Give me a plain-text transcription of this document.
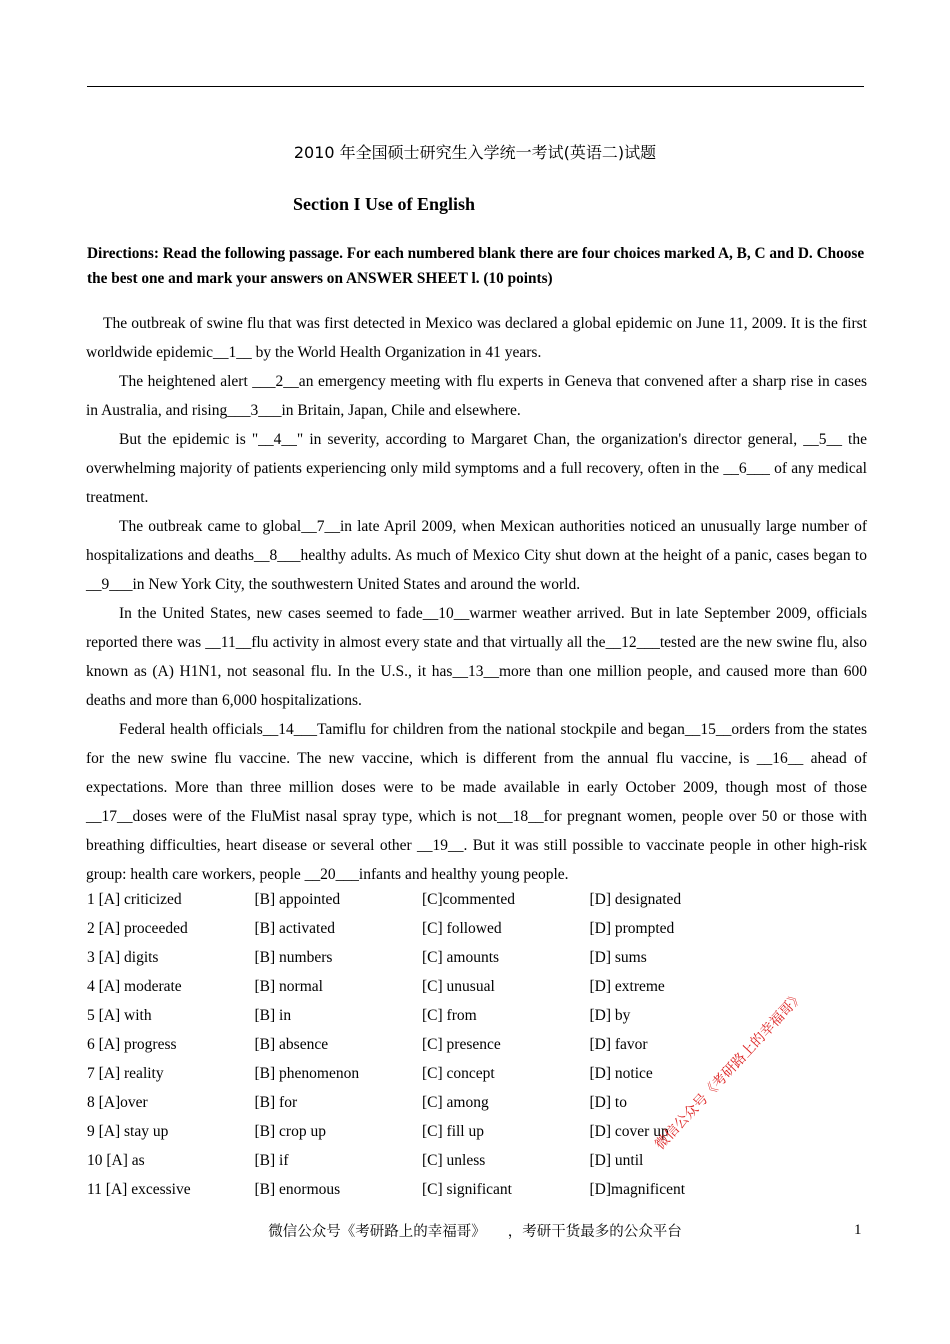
2010 年全国硕士研究生入学统一考试(英语二)试题
Section I Use of English
Directions: Read the following passage. For each numbered blank there are four choices marked A, B, C and D. Choose the best one and mark your answers on ANSWER SHEET l. (10 points)

The outbreak of swine flu that was first detected in Mexico was declared a global epidemic on June 11, 2009. It is the first worldwide epidemic__1__ by the World Health Organization in 41 years.

The heightened alert ___2__an emergency meeting with flu experts in Geneva that convened after a sharp rise in cases in Australia, and rising___3___in Britain, Japan, Chile and elsewhere.

But the epidemic is "__4__" in severity, according to Margaret Chan, the organization's director general, __5__ the overwhelming majority of patients experiencing only mild symptoms and a full recovery, often in the __6___ of any medical treatment.

The outbreak came to global__7__in late April 2009, when Mexican authorities noticed an unusually large number of hospitalizations and deaths__8___healthy adults. As much of Mexico City shut down at the height of a panic, cases began to __9___in New York City, the southwestern United States and around the world.

In the United States, new cases seemed to fade__10__warmer weather arrived. But in late September 2009, officials reported there was __11__flu activity in almost every state and that virtually all the__12___tested are the new swine flu, also known as (A) H1N1, not seasonal flu. In the U.S., it has__13__more than one million people, and caused more than 600 deaths and more than 6,000 hospitalizations.

Federal health officials__14___Tamiflu for children from the national stockpile and began__15__orders from the states for the new swine flu vaccine. The new vaccine, which is different from the annual flu vaccine, is __16__ ahead of expectations. More than three million doses were to be made available in early October 2009, though most of those __17__doses were of the FluMist nasal spray type, which is not__18__for pregnant women, people over 50 or those with breathing difficulties, heart disease or several other __19__. But it was still possible to vaccinate people in other high-risk group: health care workers, people __20___infants and healthy young people.

1 [A] criticized	[B] appointed	[C]commented	[D] designated
2 [A] proceeded	[B] activated	[C] followed	[D] prompted
3 [A] digits	[B] numbers	[C] amounts	[D] sums
4 [A] moderate	[B] normal	[C] unusual	[D] extreme
5 [A] with	[B] in	[C] from	[D] by
6 [A] progress	[B] absence	[C] presence	[D] favor
7 [A] reality	[B] phenomenon	[C] concept	[D] notice
8 [A]over	[B] for	[C] among	[D] to
9 [A] stay up	[B] crop up	[C] fill up	[D] cover up
10 [A] as	[B] if	[C] unless	[D] until
11 [A] excessive	[B] enormous	[C] significant	[D]magnificent
微信公众号《考研路上的幸福哥》
微信公众号《考研路上的幸福哥》 ，考研干货最多的公众平台	1
